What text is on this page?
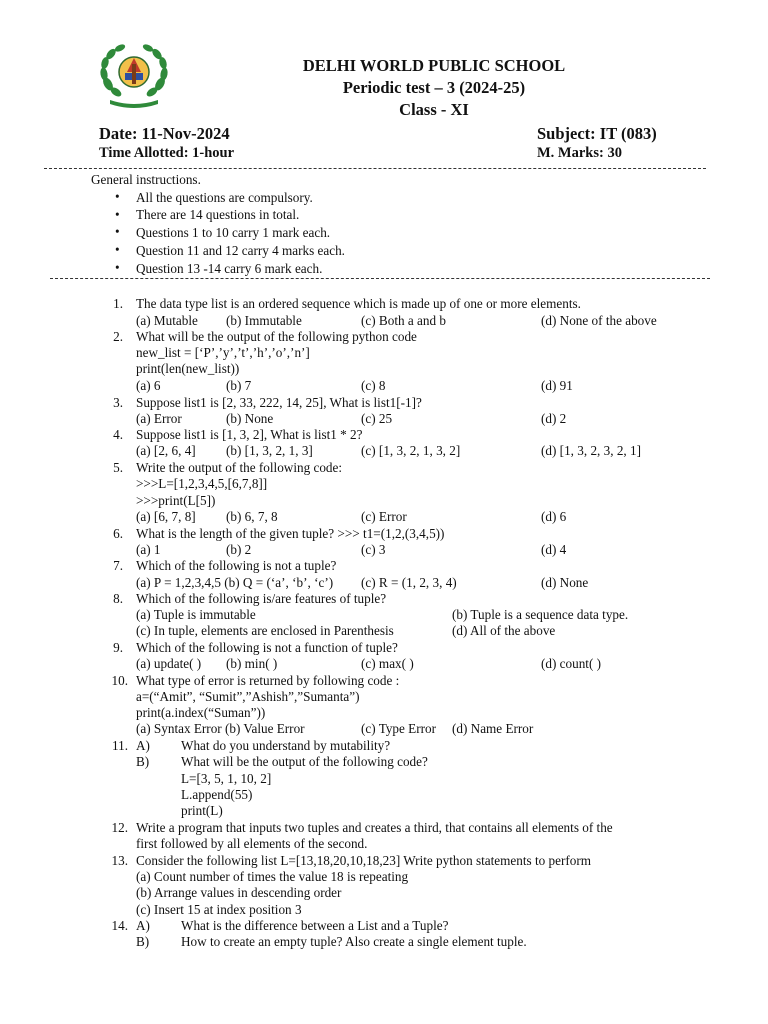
DELHI WORLD PUBLIC SCHOOL
Periodic test – 3 (2024-25)
Class - XI
Date: 11-Nov-2024	Subject: IT (083)
Time Allotted: 1-hour	M. Marks: 30
General instructions.
• All the questions are compulsory.
• There are 14 questions in total.
• Questions 1 to 10 carry 1 mark each.
• Question 11 and 12 carry 4 marks each.
• Question 13 -14 carry 6 mark each.
1. The data type list is an ordered sequence which is made up of one or more elements.
(a) Mutable (b) Immutable	(c) Both a and b	(d) None of the above
2. What will be the output of the following python code
new_list = [‘P’,’y’,’t’,’h’,’o’,’n’]
print(len(new_list))
(a) 6	(b) 7	(c) 8	(d) 91
3. Suppose list1 is [2, 33, 222, 14, 25], What is list1[-1]?
(a) Error	(b) None	(c) 25	(d) 2
4. Suppose list1 is [1, 3, 2], What is list1 * 2?
(a) [2, 6, 4] (b) [1, 3, 2, 1, 3]	(c) [1, 3, 2, 1, 3, 2]	(d) [1, 3, 2, 3, 2, 1]
5. Write the output of the following code:
>>>L=[1,2,3,4,5,[6,7,8]]
>>>print(L[5])
(a) [6, 7, 8] (b) 6, 7, 8	(c) Error	(d) 6
6. What is the length of the given tuple? >>> t1=(1,2,(3,4,5))
(a) 1	(b) 2	(c) 3	(d) 4
7. Which of the following is not a tuple?
(a) P = 1,2,3,4,5 (b) Q = (‘a’, ‘b’, ‘c’) (c) R = (1, 2, 3, 4)	(d) None
8. Which of the following is/are features of tuple?
(a) Tuple is immutable	(b) Tuple is a sequence data type.
(c) In tuple, elements are enclosed in Parenthesis	(d) All of the above
9. Which of the following is not a function of tuple?
(a) update( ) (b) min( )	(c) max( )	(d) count( )
10. What type of error is returned by following code :
a=(“Amit”, “Sumit”,”Ashish”,”Sumanta”)
print(a.index(“Suman”))
(a) Syntax Error (b) Value Error	(c) Type Error (d) Name Error
11. A) What do you understand by mutability?
B) What will be the output of the following code?
L=[3, 5, 1, 10, 2]
L.append(55)
print(L)
12. Write a program that inputs two tuples and creates a third, that contains all elements of the
first followed by all elements of the second.
13. Consider the following list L=[13,18,20,10,18,23] Write python statements to perform
(a) Count number of times the value 18 is repeating
(b) Arrange values in descending order
(c) Insert 15 at index position 3
14. A) What is the difference between a List and a Tuple?
B) How to create an empty tuple? Also create a single element tuple.
